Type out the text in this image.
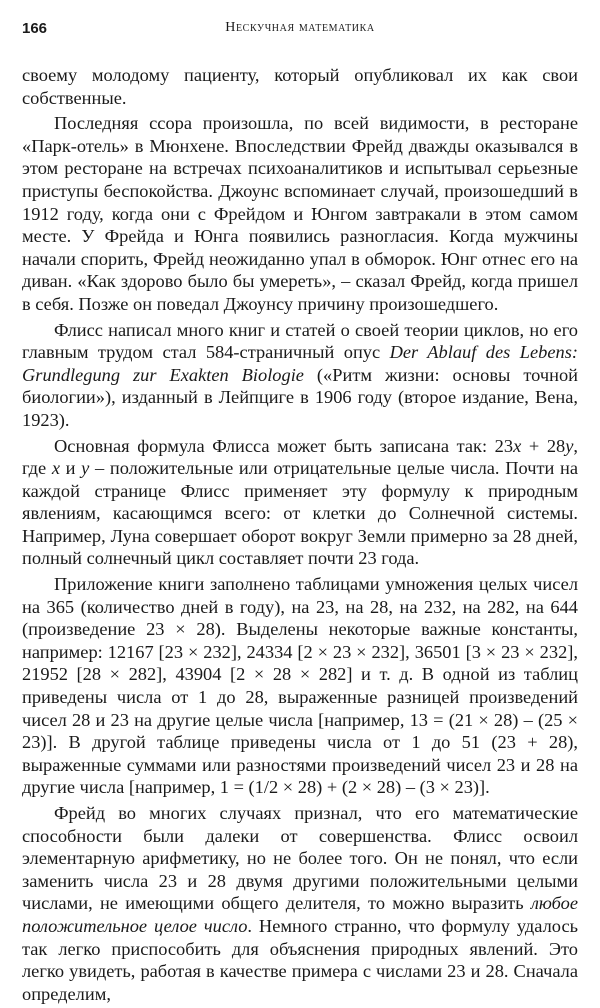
166	Нескучная математика

своему молодому пациенту, который опубликовал их как свои собственные.

Последняя ссора произошла, по всей видимости, в ресторане «Парк-отель» в Мюнхене. Впоследствии Фрейд дважды оказывался в этом ресторане на встречах психоаналитиков и испытывал серьезные приступы беспокойства. Джоунс вспоминает случай, произошедший в 1912 году, когда они с Фрейдом и Юнгом завтракали в этом самом месте. У Фрейда и Юнга появились разногласия. Когда мужчины начали спорить, Фрейд неожиданно упал в обморок. Юнг отнес его на диван. «Как здорово было бы умереть», – сказал Фрейд, когда пришел в себя. Позже он поведал Джоунсу причину произошедшего.

Флисс написал много книг и статей о своей теории циклов, но его главным трудом стал 584-страничный опус Der Ablauf des Lebens: Grundlegung zur Exakten Biologie («Ритм жизни: основы точной биологии»), изданный в Лейпциге в 1906 году (второе издание, Вена, 1923).

Основная формула Флисса может быть записана так: 23x + 28y, где x и y – положительные или отрицательные целые числа. Почти на каждой странице Флисс применяет эту формулу к природным явлениям, касающимся всего: от клетки до Солнечной системы. Например, Луна совершает оборот вокруг Земли примерно за 28 дней, полный солнечный цикл составляет почти 23 года.

Приложение книги заполнено таблицами умножения целых чисел на 365 (количество дней в году), на 23, на 28, на 232, на 282, на 644 (произведение 23 × 28). Выделены некоторые важные константы, например: 12167 [23 × 232], 24334 [2 × 23 × 232], 36501 [3 × 23 × 232], 21952 [28 × 282], 43904 [2 × 28 × 282] и т. д. В одной из таблиц приведены числа от 1 до 28, выраженные разницей произведений чисел 28 и 23 на другие целые числа [например, 13 = (21 × 28) – (25 × 23)]. В другой таблице приведены числа от 1 до 51 (23 + 28), выраженные суммами или разностями произведений чисел 23 и 28 на другие числа [например, 1 = (1/2 × 28) + (2 × 28) – (3 × 23)].

Фрейд во многих случаях признал, что его математические способности были далеки от совершенства. Флисс освоил элементарную арифметику, но не более того. Он не понял, что если заменить числа 23 и 28 двумя другими положительными целыми числами, не имеющими общего делителя, то можно выразить любое положительное целое число. Немного странно, что формулу удалось так легко приспособить для объяснения природных явлений. Это легко увидеть, работая в качестве примера с числами 23 и 28. Сначала определим,
